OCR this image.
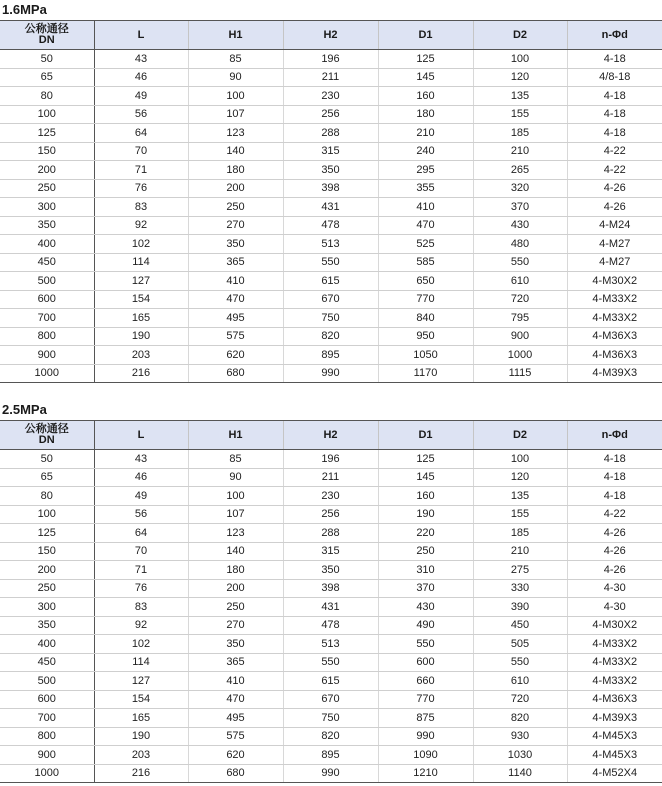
1.6MPa
公称通径
DN	L	H1	H2	D1	D2	n-Φd
50	43	85	196	125	100	4-18
65	46	90	211	145	120	4/8-18
80	49	100	230	160	135	4-18
100	56	107	256	180	155	4-18
125	64	123	288	210	185	4-18
150	70	140	315	240	210	4-22
200	71	180	350	295	265	4-22
250	76	200	398	355	320	4-26
300	83	250	431	410	370	4-26
350	92	270	478	470	430	4-M24
400	102	350	513	525	480	4-M27
450	114	365	550	585	550	4-M27
500	127	410	615	650	610	4-M30X2
600	154	470	670	770	720	4-M33X2
700	165	495	750	840	795	4-M33X2
800	190	575	820	950	900	4-M36X3
900	203	620	895	1050	1000	4-M36X3
1000	216	680	990	1170	1115	4-M39X3
2.5MPa
公称通径
DN	L	H1	H2	D1	D2	n-Φd
50	43	85	196	125	100	4-18
65	46	90	211	145	120	4-18
80	49	100	230	160	135	4-18
100	56	107	256	190	155	4-22
125	64	123	288	220	185	4-26
150	70	140	315	250	210	4-26
200	71	180	350	310	275	4-26
250	76	200	398	370	330	4-30
300	83	250	431	430	390	4-30
350	92	270	478	490	450	4-M30X2
400	102	350	513	550	505	4-M33X2
450	114	365	550	600	550	4-M33X2
500	127	410	615	660	610	4-M33X2
600	154	470	670	770	720	4-M36X3
700	165	495	750	875	820	4-M39X3
800	190	575	820	990	930	4-M45X3
900	203	620	895	1090	1030	4-M45X3
1000	216	680	990	1210	1140	4-M52X4
